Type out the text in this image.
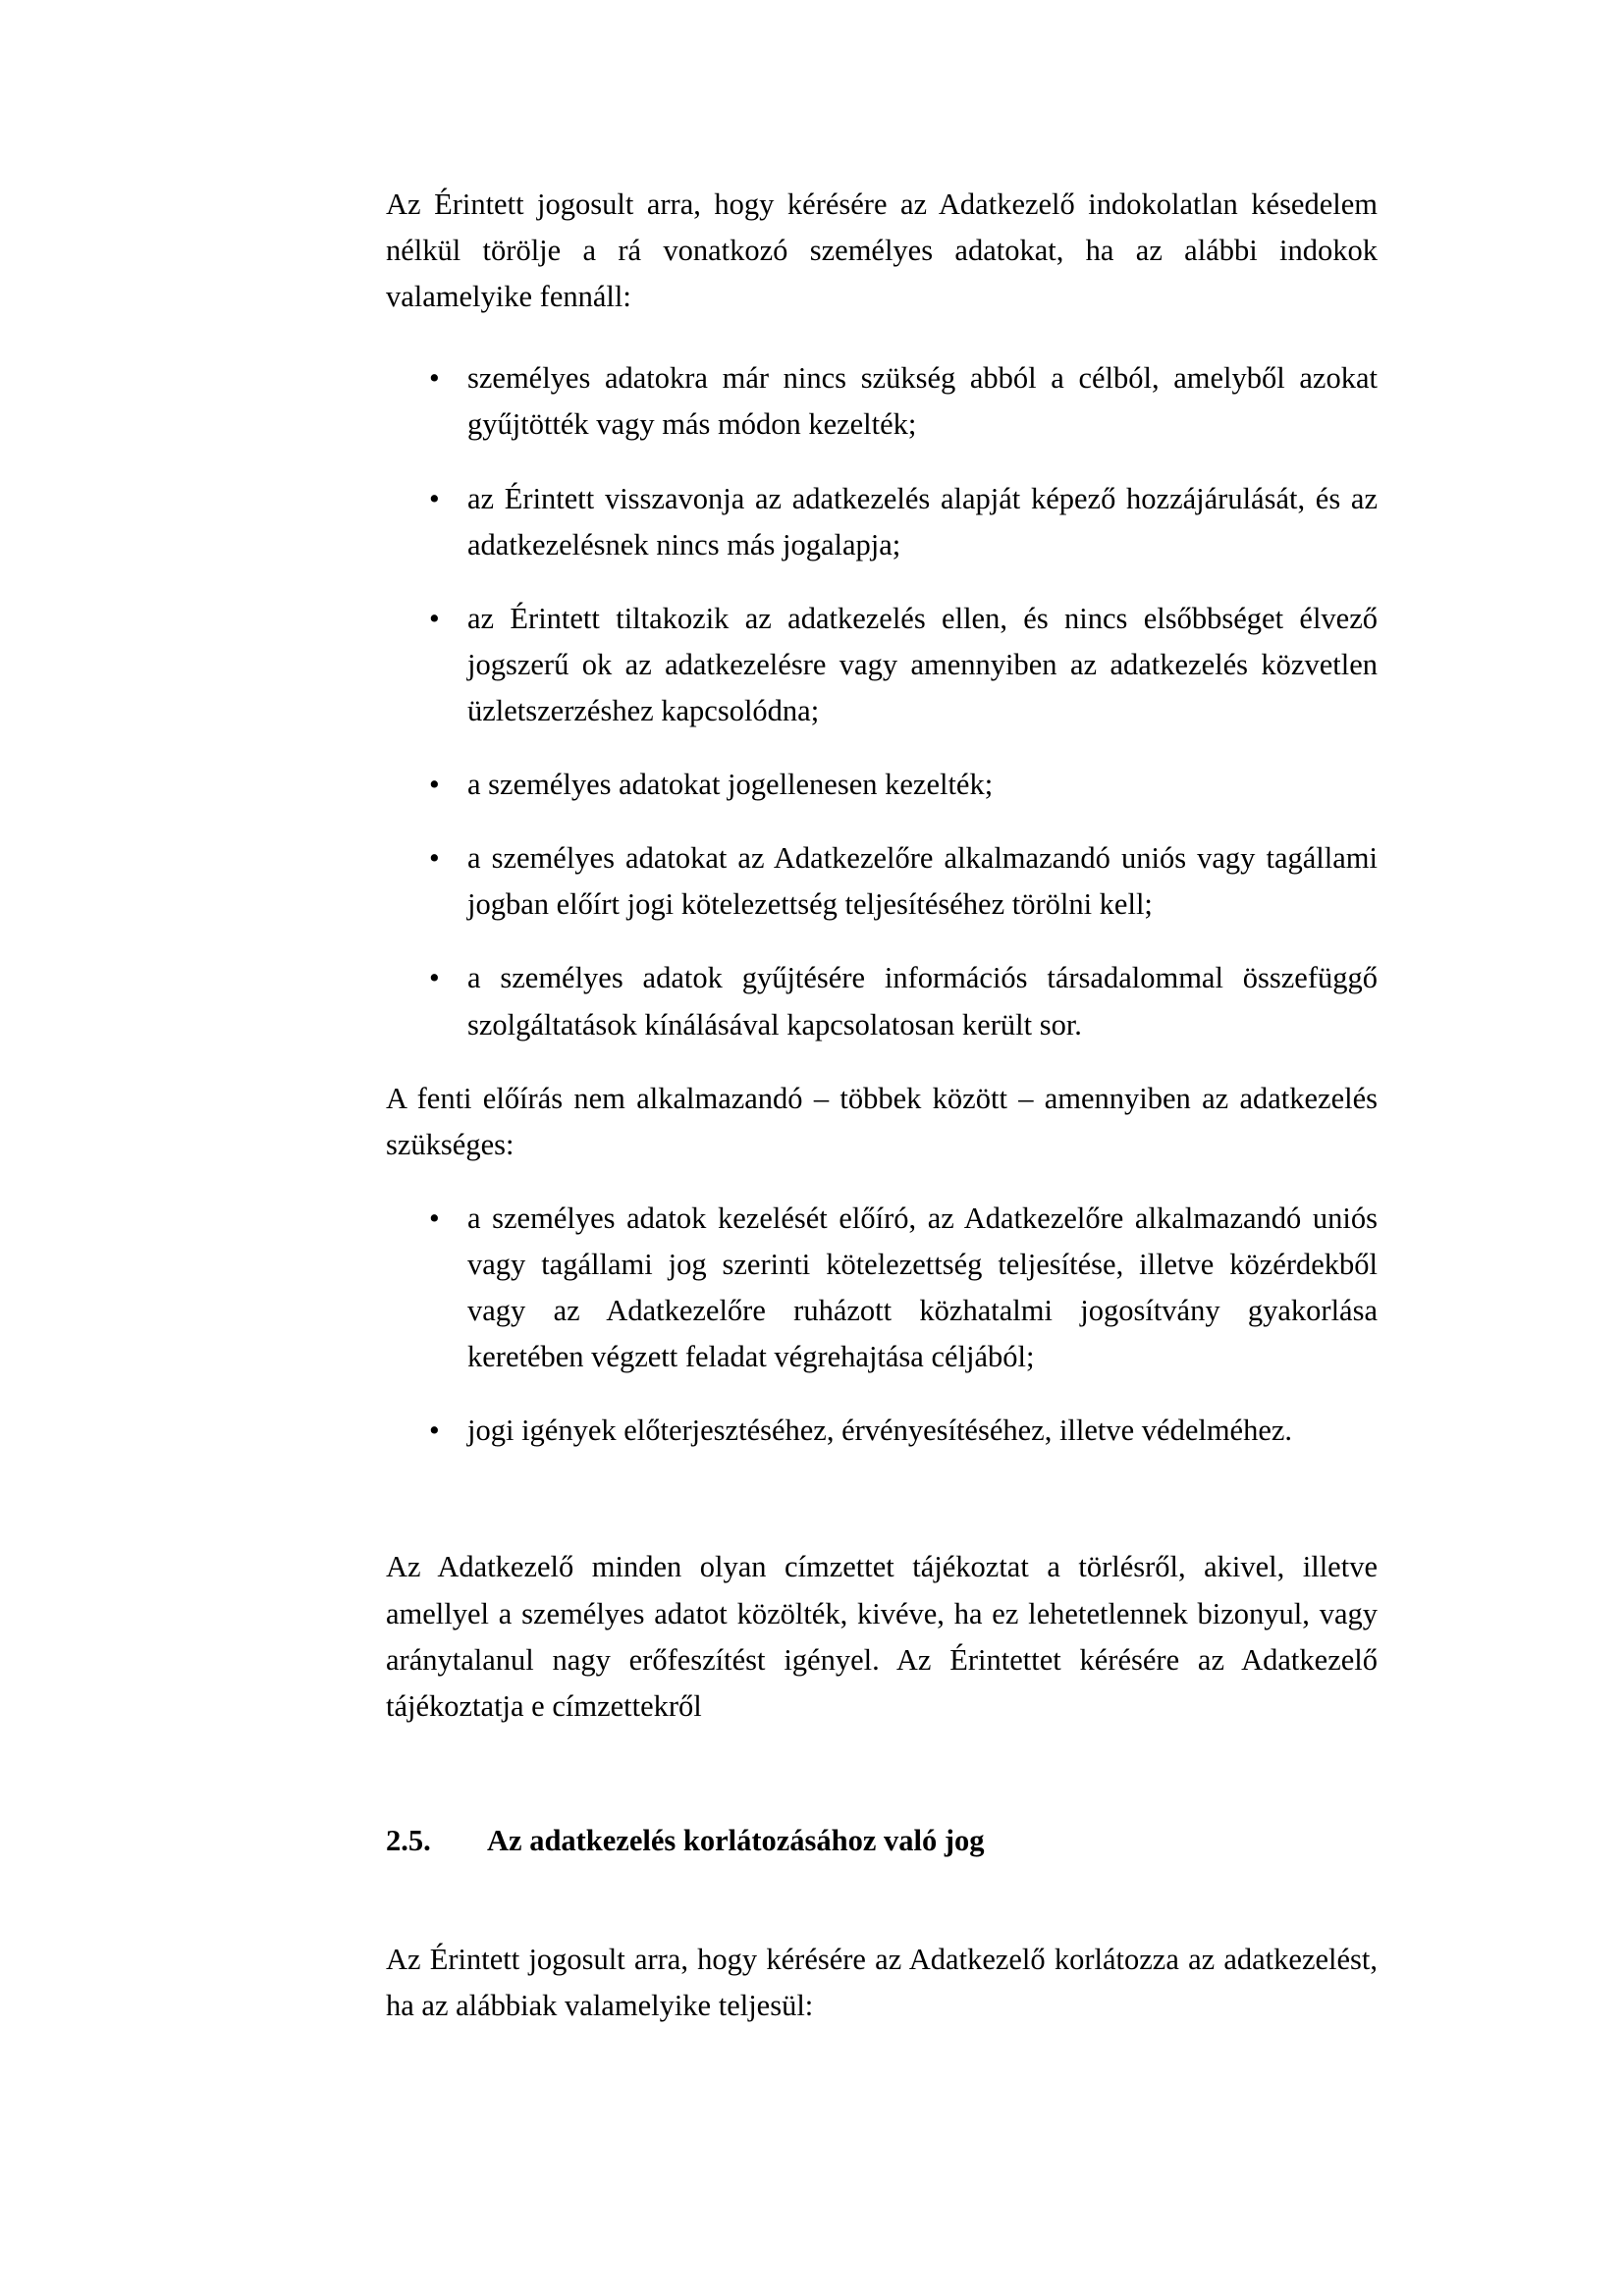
Az Érintett jogosult arra, hogy kérésére az Adatkezelő indokolatlan késedelem nélkül törölje a rá vonatkozó személyes adatokat, ha az alábbi indokok valamelyike fennáll:

• személyes adatokra már nincs szükség abból a célból, amelyből azokat gyűjtötték vagy más módon kezelték;
• az Érintett visszavonja az adatkezelés alapját képező hozzájárulását, és az adatkezelésnek nincs más jogalapja;
• az Érintett tiltakozik az adatkezelés ellen, és nincs elsőbbséget élvező jogszerű ok az adatkezelésre vagy amennyiben az adatkezelés közvetlen üzletszerzéshez kapcsolódna;
• a személyes adatokat jogellenesen kezelték;
• a személyes adatokat az Adatkezelőre alkalmazandó uniós vagy tagállami jogban előírt jogi kötelezettség teljesítéséhez törölni kell;
• a személyes adatok gyűjtésére információs társadalommal összefüggő szolgáltatások kínálásával kapcsolatosan került sor.

A fenti előírás nem alkalmazandó – többek között – amennyiben az adatkezelés szükséges:

• a személyes adatok kezelését előíró, az Adatkezelőre alkalmazandó uniós vagy tagállami jog szerinti kötelezettség teljesítése, illetve közérdekből vagy az Adatkezelőre ruházott közhatalmi jogosítvány gyakorlása keretében végzett feladat végrehajtása céljából;
• jogi igények előterjesztéséhez, érvényesítéséhez, illetve védelméhez.

Az Adatkezelő minden olyan címzettet tájékoztat a törlésről, akivel, illetve amellyel a személyes adatot közölték, kivéve, ha ez lehetetlennek bizonyul, vagy aránytalanul nagy erőfeszítést igényel. Az Érintettet kérésére az Adatkezelő tájékoztatja e címzettekről

2.5. Az adatkezelés korlátozásához való jog

Az Érintett jogosult arra, hogy kérésére az Adatkezelő korlátozza az adatkezelést, ha az alábbiak valamelyike teljesül:
